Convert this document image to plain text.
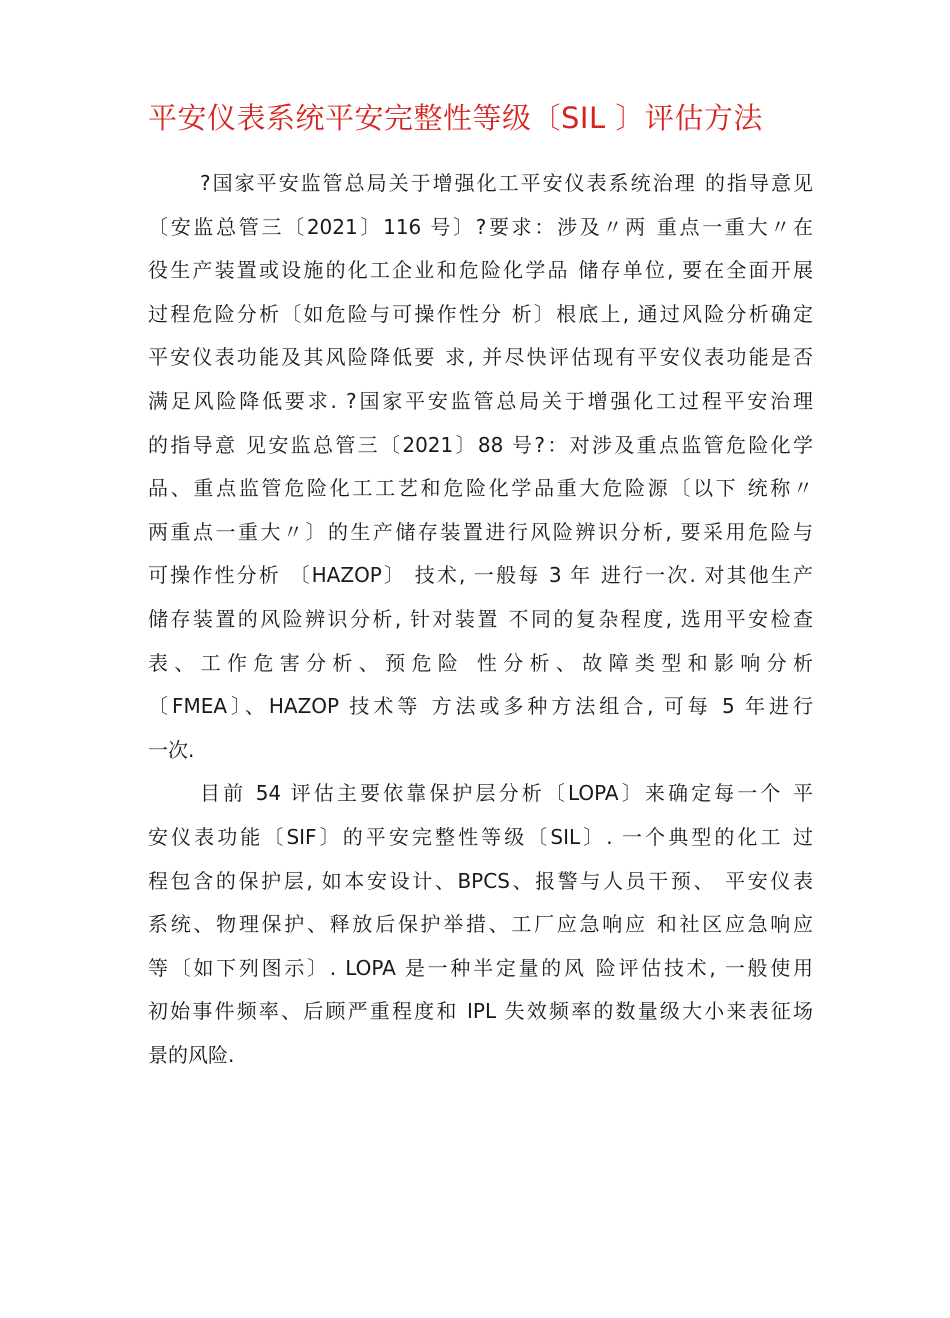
平安仪表系统平安完整性等级〔SIL 〕评估方法
?国家平安监管总局关于增强化工平安仪表系统治理 的指导意见
〔安监总管三〔2021〕116 号〕?要求：涉及〃两 重点一重大〃在
役生产装置或设施的化工企业和危险化学品 储存单位, 要在全面开展
过程危险分析〔如危险与可操作性分 析〕根底上, 通过风险分析确定
平安仪表功能及其风险降低要 求, 并尽快评估现有平安仪表功能是否
满足风险降低要求. ?国家平安监管总局关于增强化工过程平安治理
的指导意 见安监总管三〔2021〕88 号?：对涉及重点监管危险化学
品、重点监管危险化工工艺和危险化学品重大危险源〔以下 统称〃
两重点一重大〃〕的生产储存装置进行风险辨识分析, 要采用危险与
可操作性分析 〔HAZOP〕 技术, 一般每 3 年 进行一次. 对其他生产
储存装置的风险辨识分析, 针对装置 不同的复杂程度, 选用平安检查
表、工作危害分析、预危险 性分析、故障类型和影响分析
〔FMEA〕、HAZOP 技术等 方法或多种方法组合, 可每 5 年进行
一次.
目前 54 评估主要依靠保护层分析〔LOPA〕来确定每一个 平
安仪表功能〔SIF〕的平安完整性等级〔SIL〕. 一个典型的化工 过
程包含的保护层, 如本安设计、BPCS、报警与人员干预、 平安仪表
系统、物理保护、释放后保护举措、工厂应急响应 和社区应急响应
等〔如下列图示〕. LOPA 是一种半定量的风 险评估技术, 一般使用
初始事件频率、后顾严重程度和 IPL 失效频率的数量级大小来表征场
景的风险.
